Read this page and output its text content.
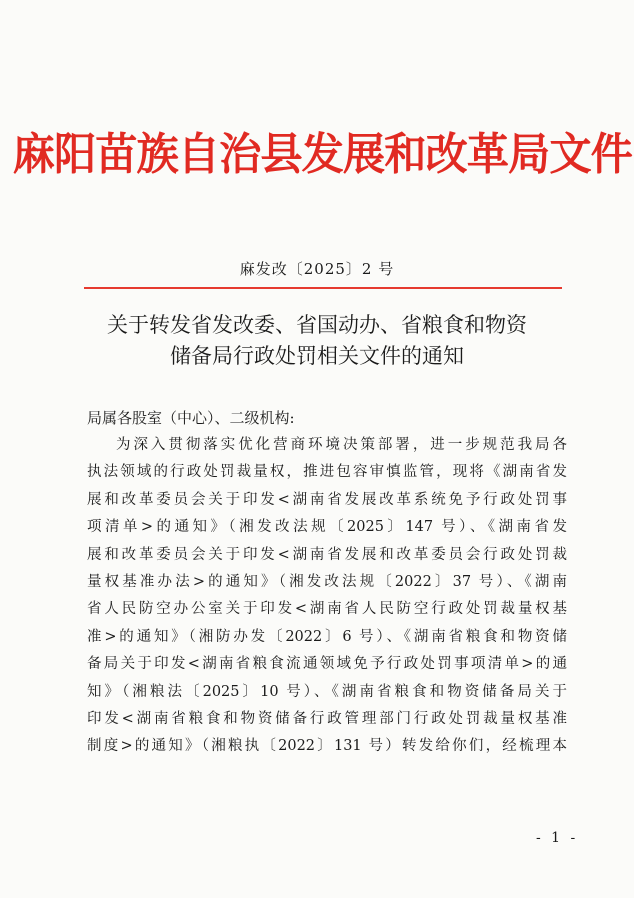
麻阳苗族自治县发展和改革局文件
麻发改〔2025〕2 号
关于转发省发改委、省国动办、省粮食和物资
储备局行政处罚相关文件的通知
局属各股室（中心）、二级机构:
为深入贯彻落实优化营商环境决策部署，进一步规范我局各
执法领域的行政处罚裁量权，推进包容审慎监管，现将《湖南省发
展和改革委员会关于印发<湖南省发展改革系统免予行政处罚事
项清单>的通知》（湘发改法规〔2025〕147 号）、《湖南省发
展和改革委员会关于印发<湖南省发展和改革委员会行政处罚裁
量权基准办法>的通知》（湘发改法规〔2022〕37 号）、《湖南
省人民防空办公室关于印发<湖南省人民防空行政处罚裁量权基
准>的通知》（湘防办发〔2022〕6 号）、《湖南省粮食和物资储
备局关于印发<湖南省粮食流通领域免予行政处罚事项清单>的通
知》（湘粮法〔2025〕10 号）、《湖南省粮食和物资储备局关于
印发<湖南省粮食和物资储备行政管理部门行政处罚裁量权基准
制度>的通知》（湘粮执〔2022〕131 号）转发给你们，经梳理本
- 1 -
